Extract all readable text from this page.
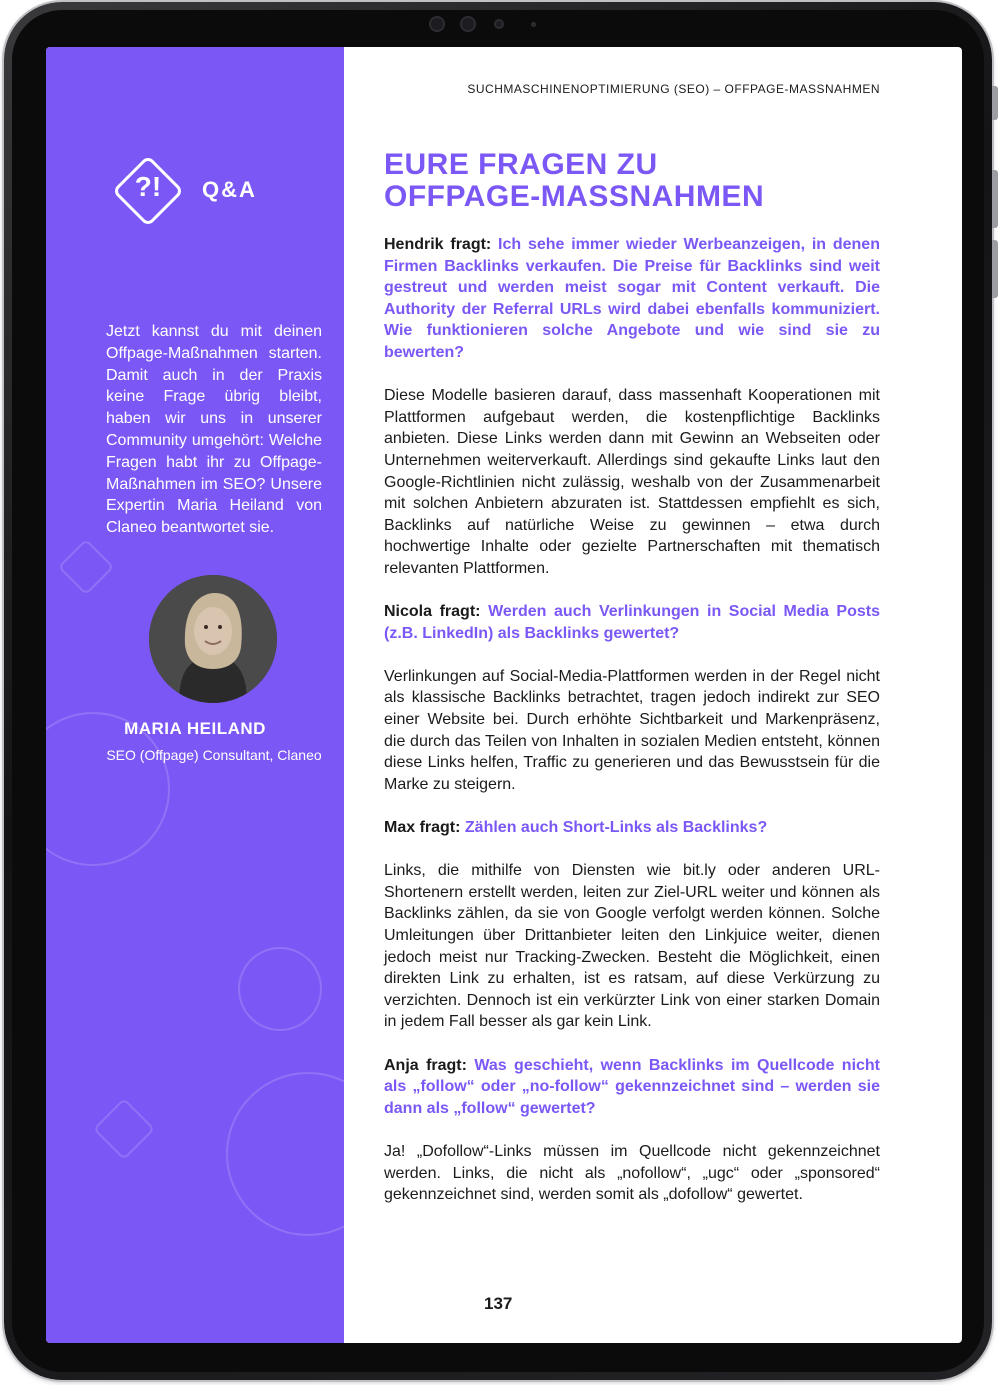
?!	Q&A
Jetzt kannst du mit deinen Offpage-Maßnahmen starten. Damit auch in der Praxis keine Frage übrig bleibt, haben wir uns in unserer Community umgehört: Welche Fragen habt ihr zu Offpage-Maßnahmen im SEO? Unsere Expertin Maria Heiland von Claneo beantwortet sie.
MARIA HEILAND
SEO (Offpage) Consultant, Claneo
SUCHMASCHINENOPTIMIERUNG (SEO) – OFFPAGE-MASSNAHMEN
EURE FRAGEN ZU
OFFPAGE-MASSNAHMEN

Hendrik fragt: Ich sehe immer wieder Werbeanzeigen, in denen Firmen Backlinks verkaufen. Die Preise für Backlinks sind weit gestreut und werden meist sogar mit Content verkauft. Die Authority der Referral URLs wird dabei ebenfalls kommuniziert. Wie funktionieren solche Angebote und wie sind sie zu bewerten?

Diese Modelle basieren darauf, dass massenhaft Kooperationen mit Plattformen aufgebaut werden, die kostenpflichtige Backlinks anbieten. Diese Links werden dann mit Gewinn an Webseiten oder Unternehmen weiterverkauft. Allerdings sind gekaufte Links laut den Google-Richtlinien nicht zulässig, weshalb von der Zusammenarbeit mit solchen Anbietern abzuraten ist. Stattdessen empfiehlt es sich, Backlinks auf natürliche Weise zu gewinnen – etwa durch hochwertige Inhalte oder gezielte Partnerschaften mit thematisch relevanten Plattformen.

Nicola fragt: Werden auch Verlinkungen in Social Media Posts (z.B. LinkedIn) als Backlinks gewertet?

Verlinkungen auf Social-Media-Plattformen werden in der Regel nicht als klassische Backlinks betrachtet, tragen jedoch indirekt zur SEO einer Website bei. Durch erhöhte Sichtbarkeit und Markenpräsenz, die durch das Teilen von Inhalten in sozialen Medien entsteht, können diese Links helfen, Traffic zu generieren und das Bewusstsein für die Marke zu steigern.

Max fragt: Zählen auch Short-Links als Backlinks?

Links, die mithilfe von Diensten wie bit.ly oder anderen URL-Shortenern erstellt werden, leiten zur Ziel-URL weiter und können als Backlinks zählen, da sie von Google verfolgt werden können. Solche Umleitungen über Drittanbieter leiten den Linkjuice weiter, dienen jedoch meist nur Tracking-Zwecken. Besteht die Möglichkeit, einen direkten Link zu erhalten, ist es ratsam, auf diese Verkürzung zu verzichten. Dennoch ist ein verkürzter Link von einer starken Domain in jedem Fall besser als gar kein Link.

Anja fragt: Was geschieht, wenn Backlinks im Quellcode nicht als „follow“ oder „no-follow“ gekennzeichnet sind – werden sie dann als „follow“ gewertet?

Ja! „Dofollow“-Links müssen im Quellcode nicht gekennzeichnet werden. Links, die nicht als „nofollow“, „ugc“ oder „sponsored“ gekennzeichnet sind, werden somit als „dofollow“ gewertet.

137
